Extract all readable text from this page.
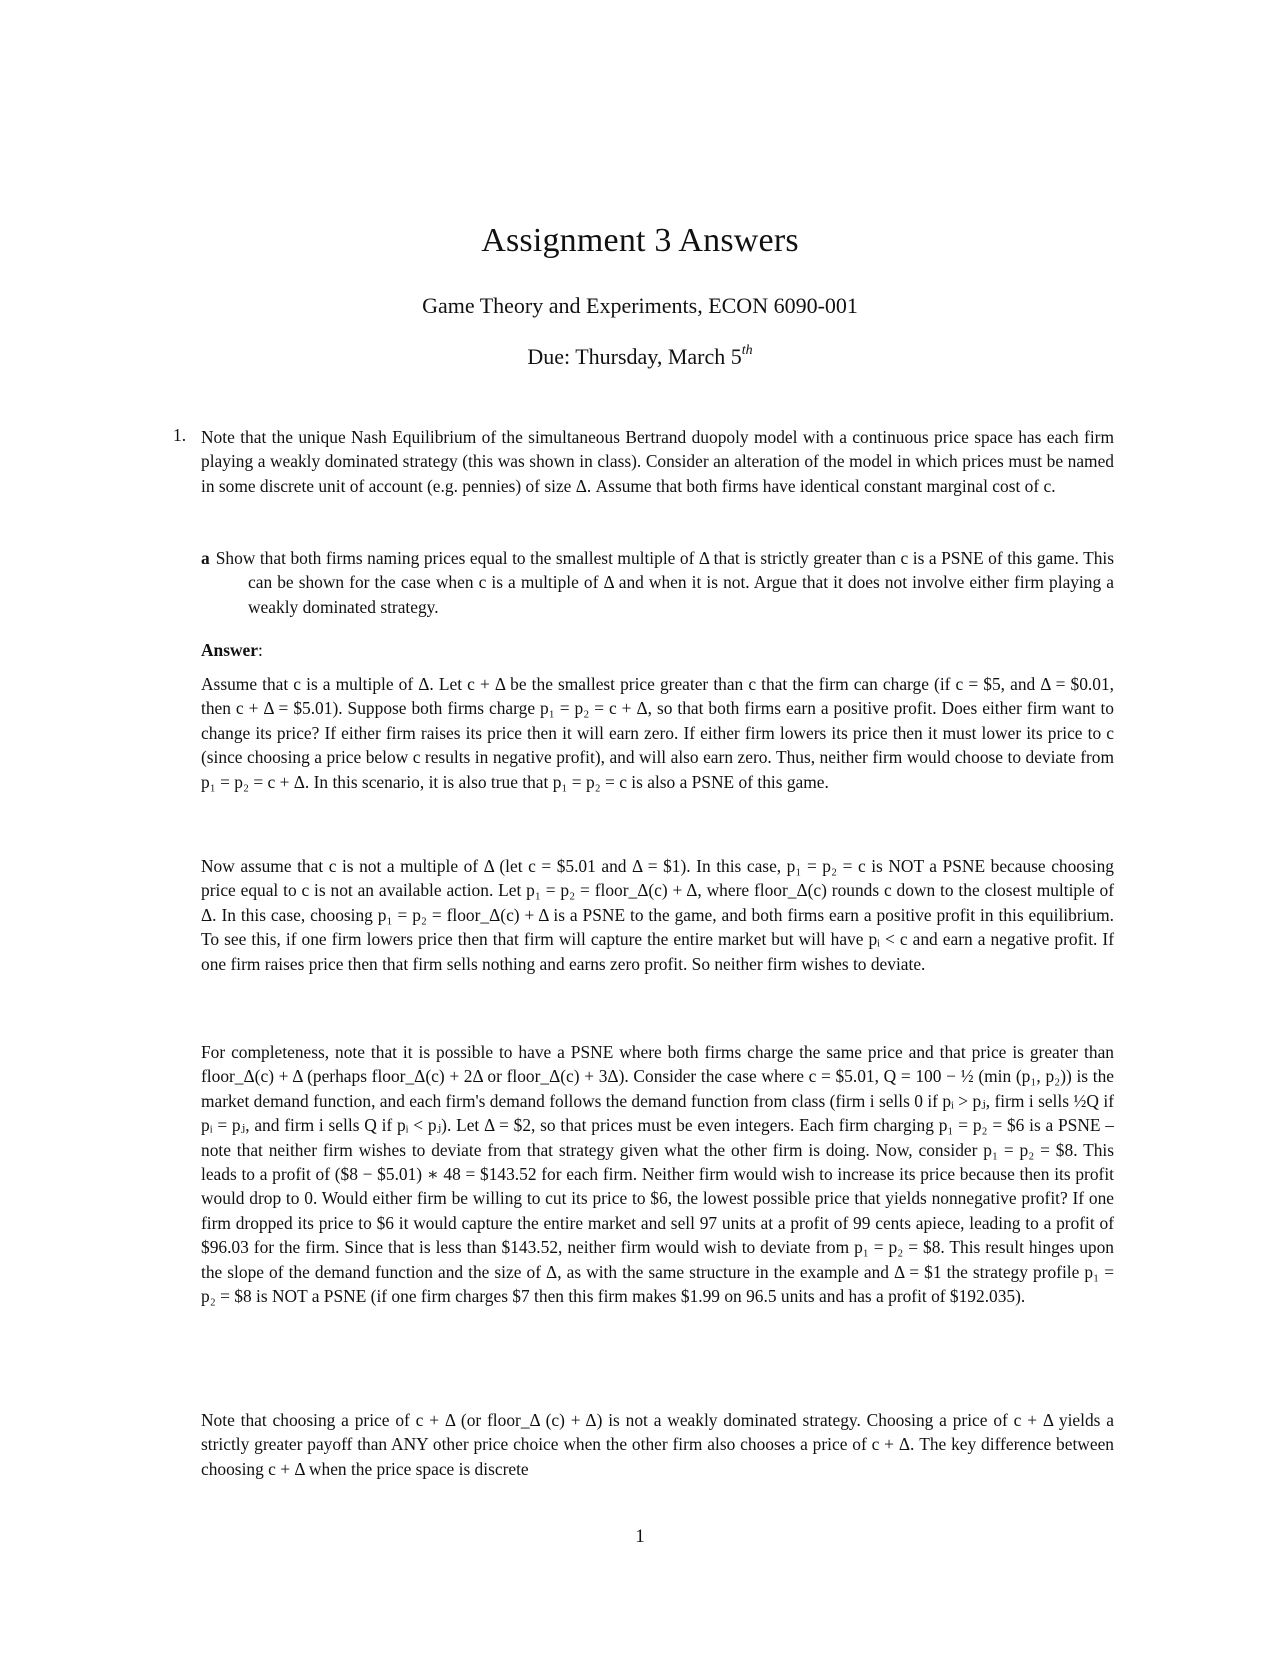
Assignment 3 Answers
Game Theory and Experiments, ECON 6090-001
Due: Thursday, March 5th
1. Note that the unique Nash Equilibrium of the simultaneous Bertrand duopoly model with a continuous price space has each firm playing a weakly dominated strategy (this was shown in class). Consider an alteration of the model in which prices must be named in some discrete unit of account (e.g. pennies) of size Δ. Assume that both firms have identical constant marginal cost of c.
a Show that both firms naming prices equal to the smallest multiple of Δ that is strictly greater than c is a PSNE of this game. This can be shown for the case when c is a multiple of Δ and when it is not. Argue that it does not involve either firm playing a weakly dominated strategy.
Answer:
Assume that c is a multiple of Δ. Let c + Δ be the smallest price greater than c that the firm can charge (if c = $5, and Δ = $0.01, then c + Δ = $5.01). Suppose both firms charge p₁ = p₂ = c + Δ, so that both firms earn a positive profit. Does either firm want to change its price? If either firm raises its price then it will earn zero. If either firm lowers its price then it must lower its price to c (since choosing a price below c results in negative profit), and will also earn zero. Thus, neither firm would choose to deviate from p₁ = p₂ = c + Δ. In this scenario, it is also true that p₁ = p₂ = c is also a PSNE of this game.
Now assume that c is not a multiple of Δ (let c = $5.01 and Δ = $1). In this case, p₁ = p₂ = c is NOT a PSNE because choosing price equal to c is not an available action. Let p₁ = p₂ = floor_Δ(c) + Δ, where floor_Δ(c) rounds c down to the closest multiple of Δ. In this case, choosing p₁ = p₂ = floor_Δ(c) + Δ is a PSNE to the game, and both firms earn a positive profit in this equilibrium. To see this, if one firm lowers price then that firm will capture the entire market but will have pᵢ < c and earn a negative profit. If one firm raises price then that firm sells nothing and earns zero profit. So neither firm wishes to deviate.
For completeness, note that it is possible to have a PSNE where both firms charge the same price and that price is greater than floor_Δ(c) + Δ (perhaps floor_Δ(c) + 2Δ or floor_Δ(c) + 3Δ). Consider the case where c = $5.01, Q = 100 − ½ (min (p₁, p₂)) is the market demand function, and each firm's demand follows the demand function from class (firm i sells 0 if pᵢ > pⱼ, firm i sells ½Q if pᵢ = pⱼ, and firm i sells Q if pᵢ < pⱼ). Let Δ = $2, so that prices must be even integers. Each firm charging p₁ = p₂ = $6 is a PSNE – note that neither firm wishes to deviate from that strategy given what the other firm is doing. Now, consider p₁ = p₂ = $8. This leads to a profit of ($8 − $5.01) ∗ 48 = $143.52 for each firm. Neither firm would wish to increase its price because then its profit would drop to 0. Would either firm be willing to cut its price to $6, the lowest possible price that yields nonnegative profit? If one firm dropped its price to $6 it would capture the entire market and sell 97 units at a profit of 99 cents apiece, leading to a profit of $96.03 for the firm. Since that is less than $143.52, neither firm would wish to deviate from p₁ = p₂ = $8. This result hinges upon the slope of the demand function and the size of Δ, as with the same structure in the example and Δ = $1 the strategy profile p₁ = p₂ = $8 is NOT a PSNE (if one firm charges $7 then this firm makes $1.99 on 96.5 units and has a profit of $192.035).
Note that choosing a price of c + Δ (or floor_Δ (c) + Δ) is not a weakly dominated strategy. Choosing a price of c + Δ yields a strictly greater payoff than ANY other price choice when the other firm also chooses a price of c + Δ. The key difference between choosing c + Δ when the price space is discrete
1
